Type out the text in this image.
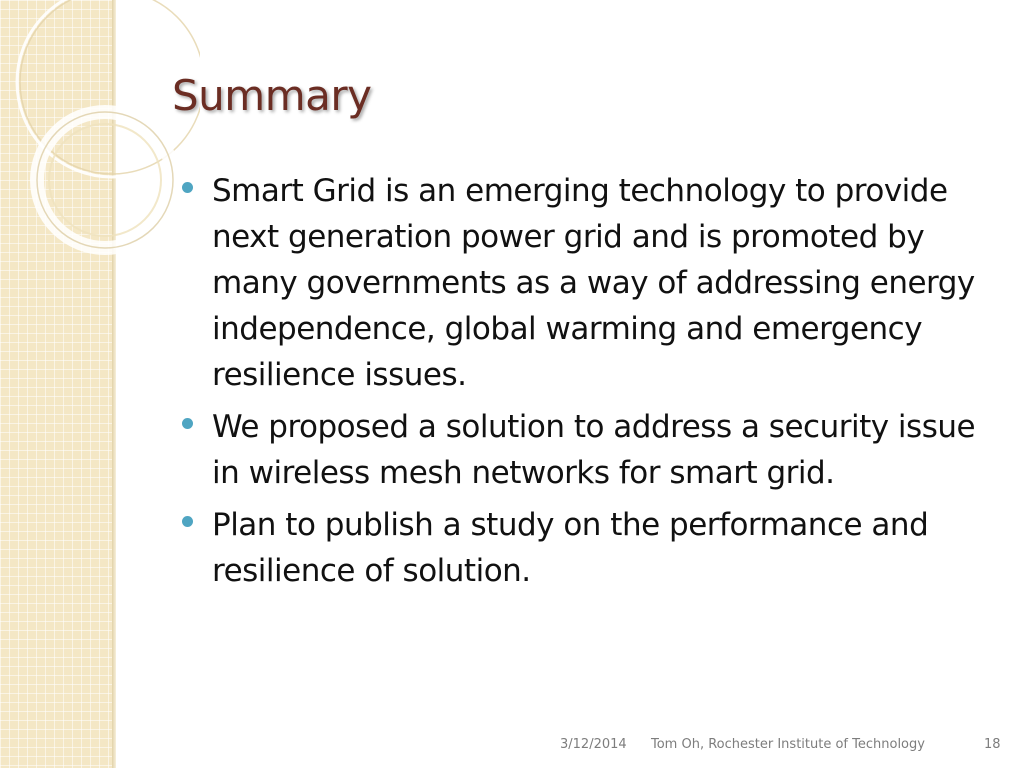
Summary
Smart Grid is an emerging technology to provide next generation power grid and is promoted by many governments as a way of addressing energy independence, global warming and emergency resilience issues.
We proposed a solution to address a security issue in wireless mesh networks for smart grid.
Plan to publish a study on the performance and resilience of solution.
3/12/2014 Tom Oh, Rochester Institute of Technology	18
